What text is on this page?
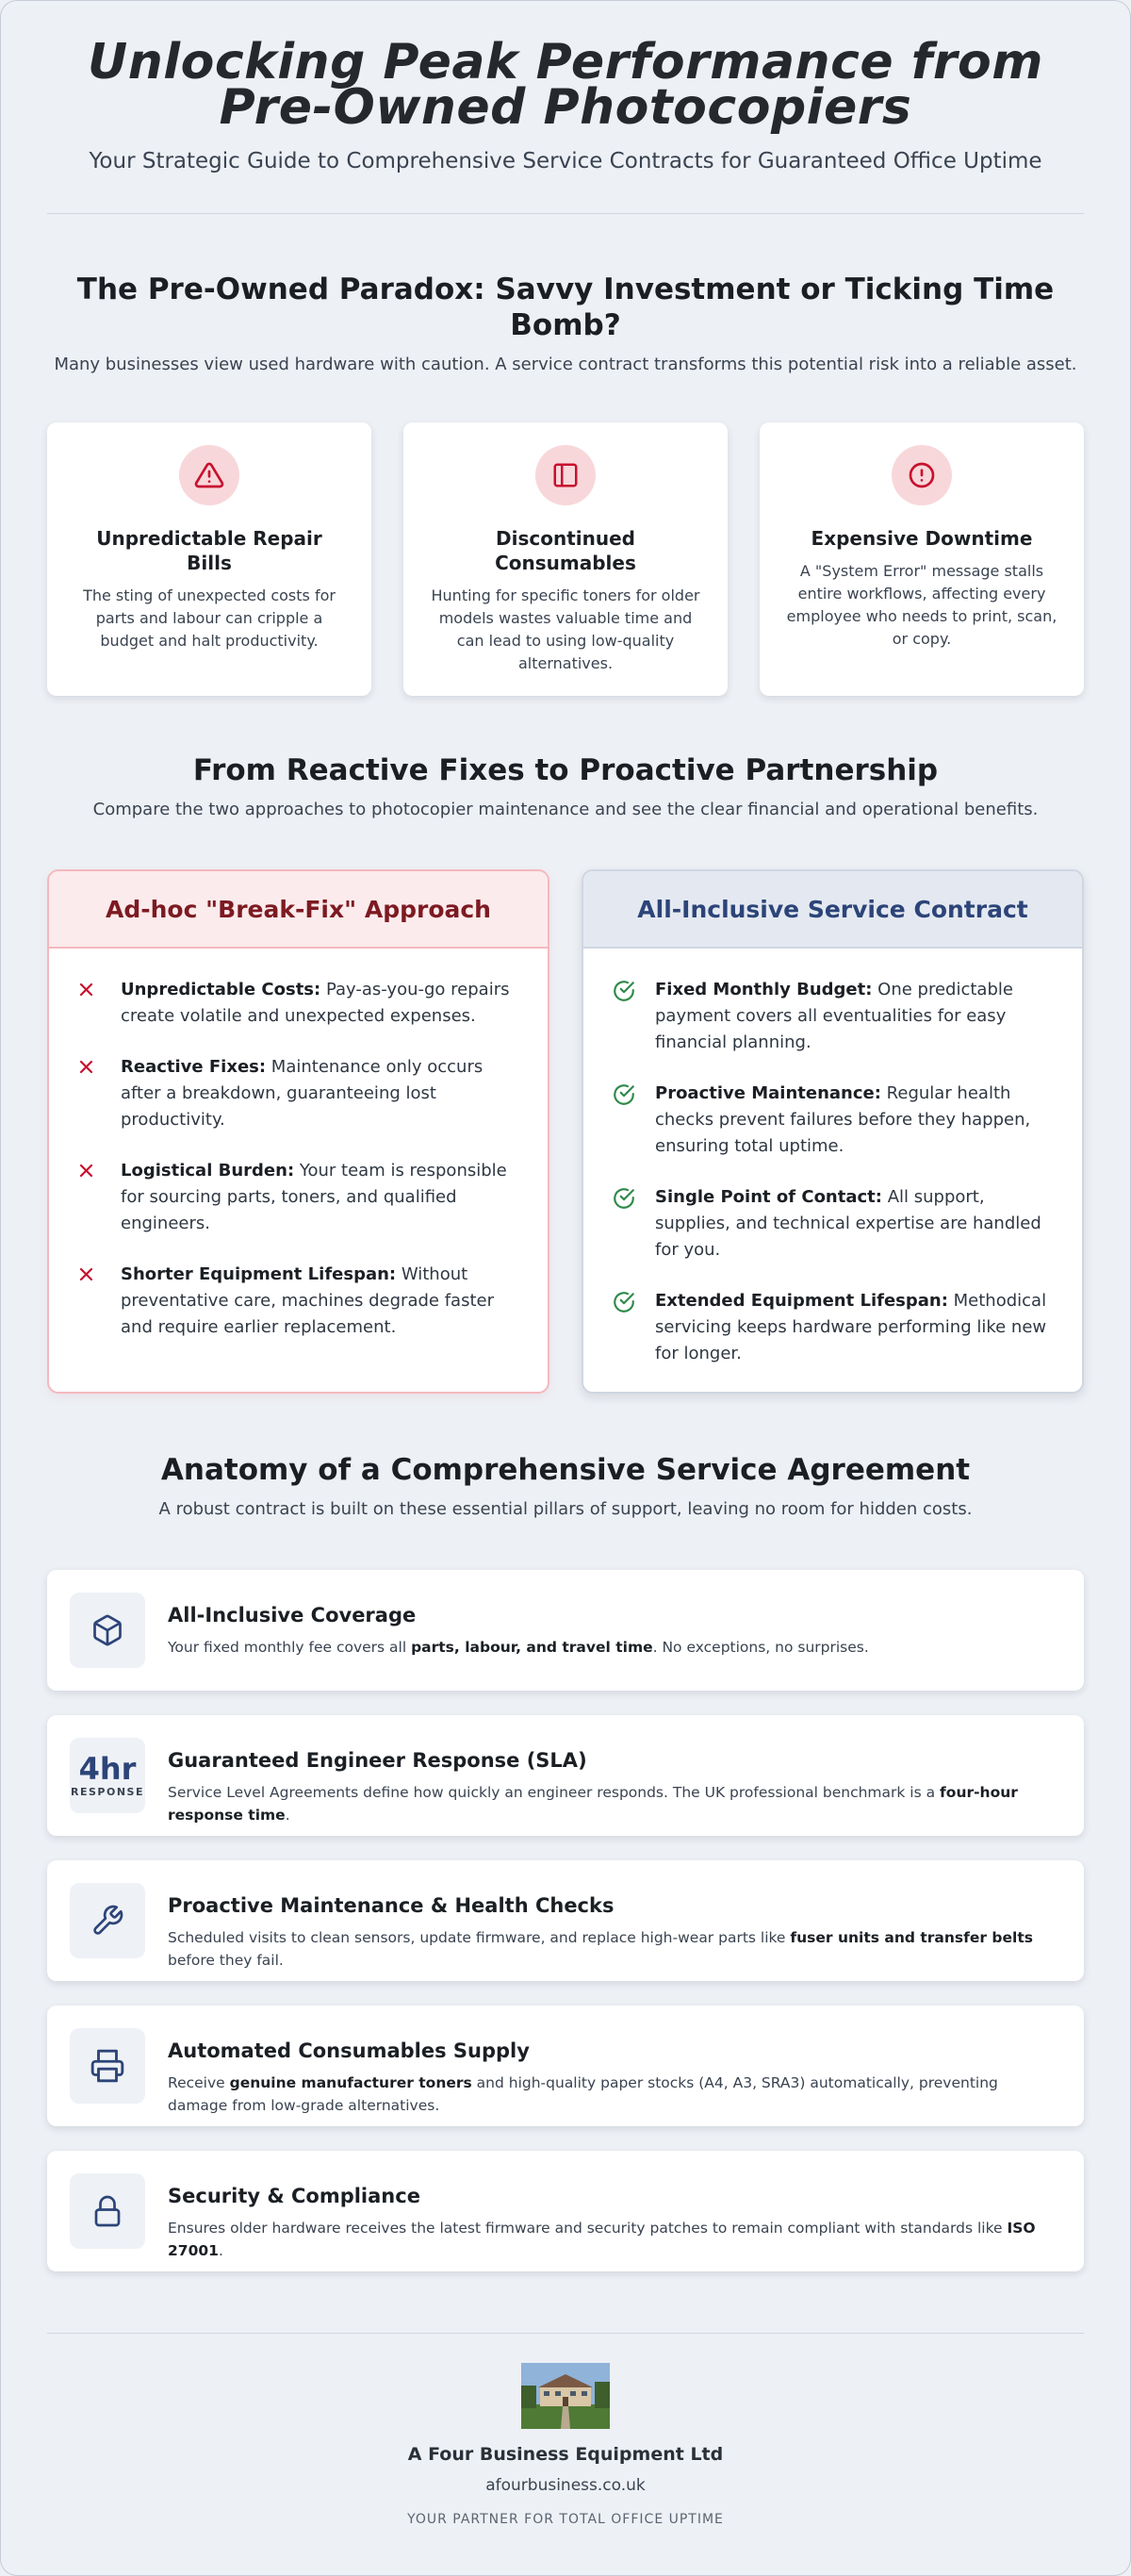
Unlocking Peak Performance from Pre-Owned Photocopiers
Your Strategic Guide to Comprehensive Service Contracts for Guaranteed Office Uptime
The Pre-Owned Paradox: Savvy Investment or Ticking Time Bomb?
Many businesses view used hardware with caution. A service contract transforms this potential risk into a reliable asset.
Unpredictable Repair Bills

The sting of unexpected costs for parts and labour can cripple a budget and halt productivity.

Discontinued Consumables

Hunting for specific toners for older models wastes valuable time and can lead to using low-quality alternatives.

Expensive Downtime

A "System Error" message stalls entire workflows, affecting every employee who needs to print, scan, or copy.

From Reactive Fixes to Proactive Partnership
Compare the two approaches to photocopier maintenance and see the clear financial and operational benefits.
Ad-hoc "Break-Fix" Approach
Unpredictable Costs: Pay-as-you-go repairs create volatile and unexpected expenses.
Reactive Fixes: Maintenance only occurs after a breakdown, guaranteeing lost productivity.
Logistical Burden: Your team is responsible for sourcing parts, toners, and qualified engineers.
Shorter Equipment Lifespan: Without preventative care, machines degrade faster and require earlier replacement.
All-Inclusive Service Contract
Fixed Monthly Budget: One predictable payment covers all eventualities for easy financial planning.
Proactive Maintenance: Regular health checks prevent failures before they happen, ensuring total uptime.
Single Point of Contact: All support, supplies, and technical expertise are handled for you.
Extended Equipment Lifespan: Methodical servicing keeps hardware performing like new for longer.
Anatomy of a Comprehensive Service Agreement
A robust contract is built on these essential pillars of support, leaving no room for hidden costs.
All-Inclusive Coverage

Your fixed monthly fee covers all parts, labour, and travel time. No exceptions, no surprises.

4hr
RESPONSE
Guaranteed Engineer Response (SLA)

Service Level Agreements define how quickly an engineer responds. The UK professional benchmark is a four-hour response time.

Proactive Maintenance & Health Checks

Scheduled visits to clean sensors, update firmware, and replace high-wear parts like fuser units and transfer belts before they fail.

Automated Consumables Supply

Receive genuine manufacturer toners and high-quality paper stocks (A4, A3, SRA3) automatically, preventing damage from low-grade alternatives.

Security & Compliance

Ensures older hardware receives the latest firmware and security patches to remain compliant with standards like ISO 27001.

A Four Business Equipment Ltd
afourbusiness.co.uk
YOUR PARTNER FOR TOTAL OFFICE UPTIME
